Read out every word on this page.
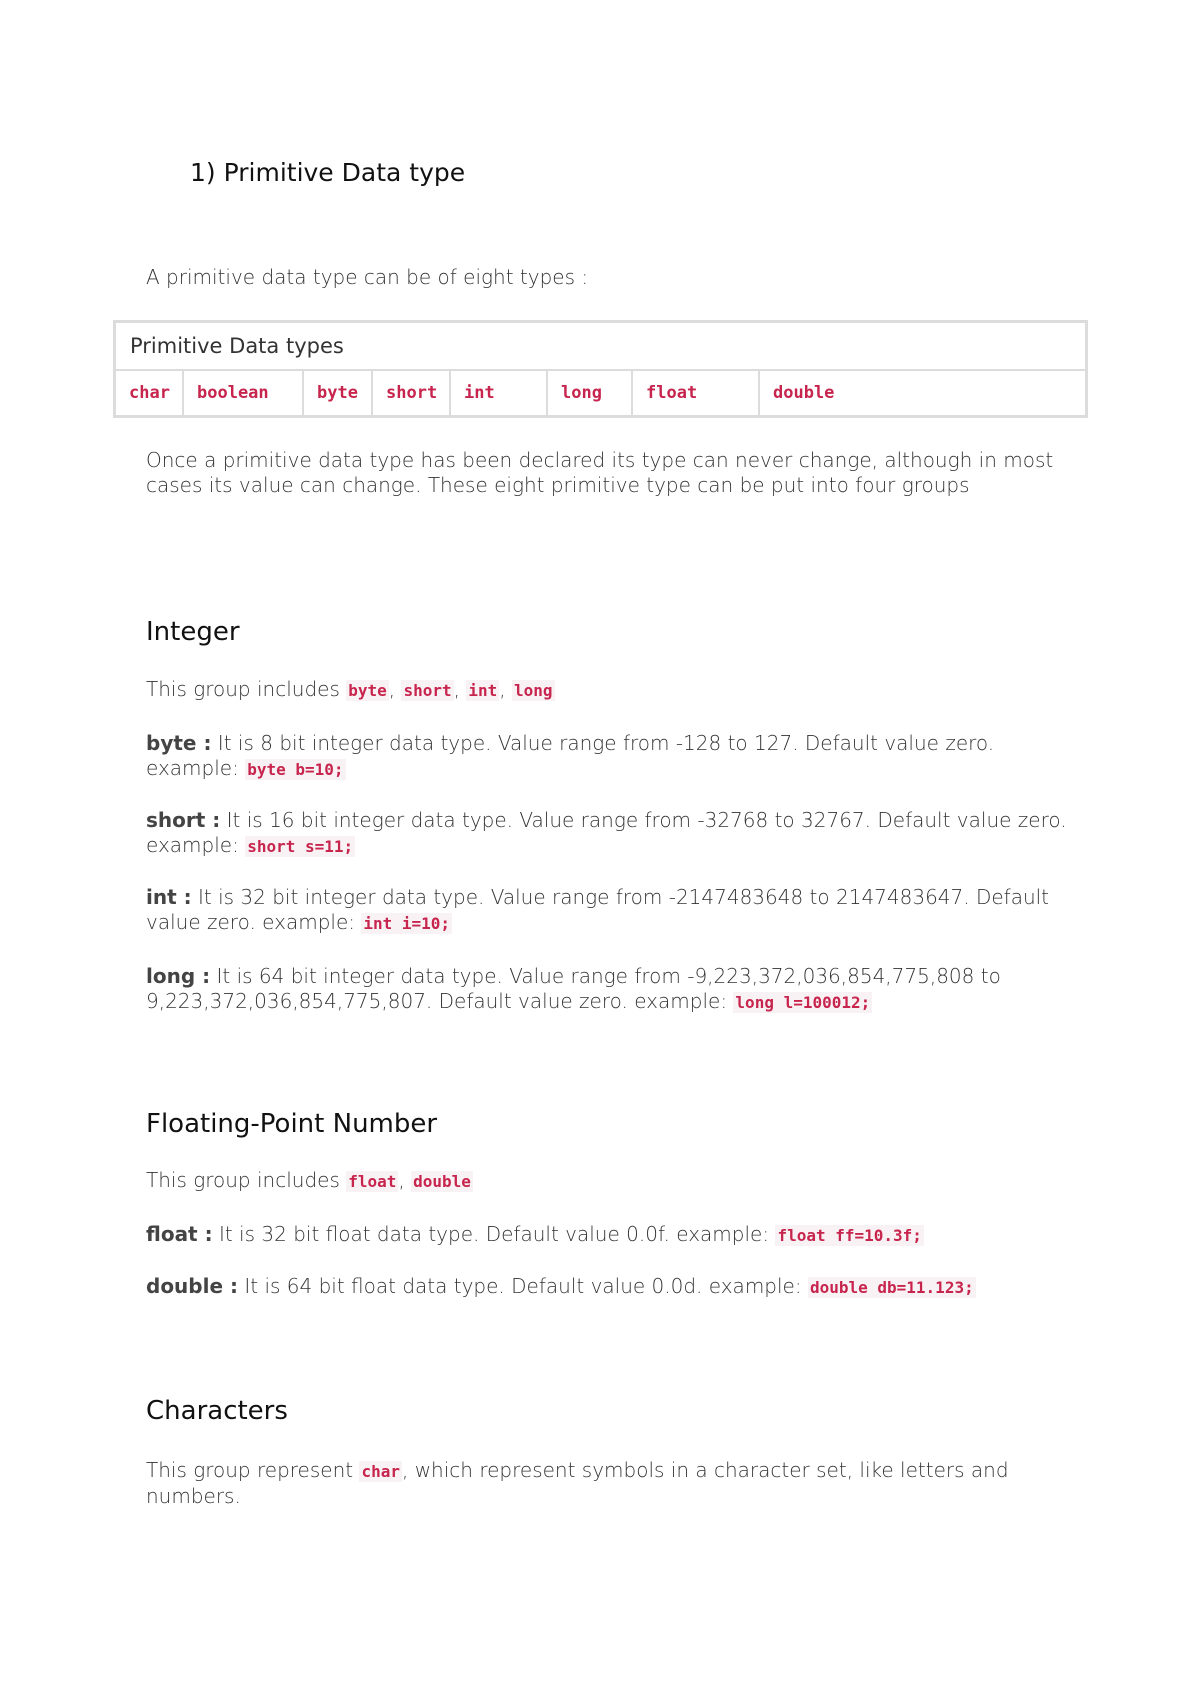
1) Primitive Data type

A primitive data type can be of eight types :

Primitive Data types
char	boolean	byte	short	int	long	float	double

Once a primitive data type has been declared its type can never change, although in most cases its value can change. These eight primitive type can be put into four groups

Integer

This group includes byte , short , int , long

byte : It is 8 bit integer data type. Value range from -128 to 127. Default value zero. example: byte b=10;

short : It is 16 bit integer data type. Value range from -32768 to 32767. Default value zero. example: short s=11;

int : It is 32 bit integer data type. Value range from -2147483648 to 2147483647. Default value zero. example: int i=10;

long : It is 64 bit integer data type. Value range from -9,223,372,036,854,775,808 to 9,223,372,036,854,775,807. Default value zero. example: long l=100012;

Floating-Point Number

This group includes float , double

float : It is 32 bit float data type. Default value 0.0f. example: float ff=10.3f;

double : It is 64 bit float data type. Default value 0.0d. example: double db=11.123;

Characters

This group represent char , which represent symbols in a character set, like letters and numbers.
